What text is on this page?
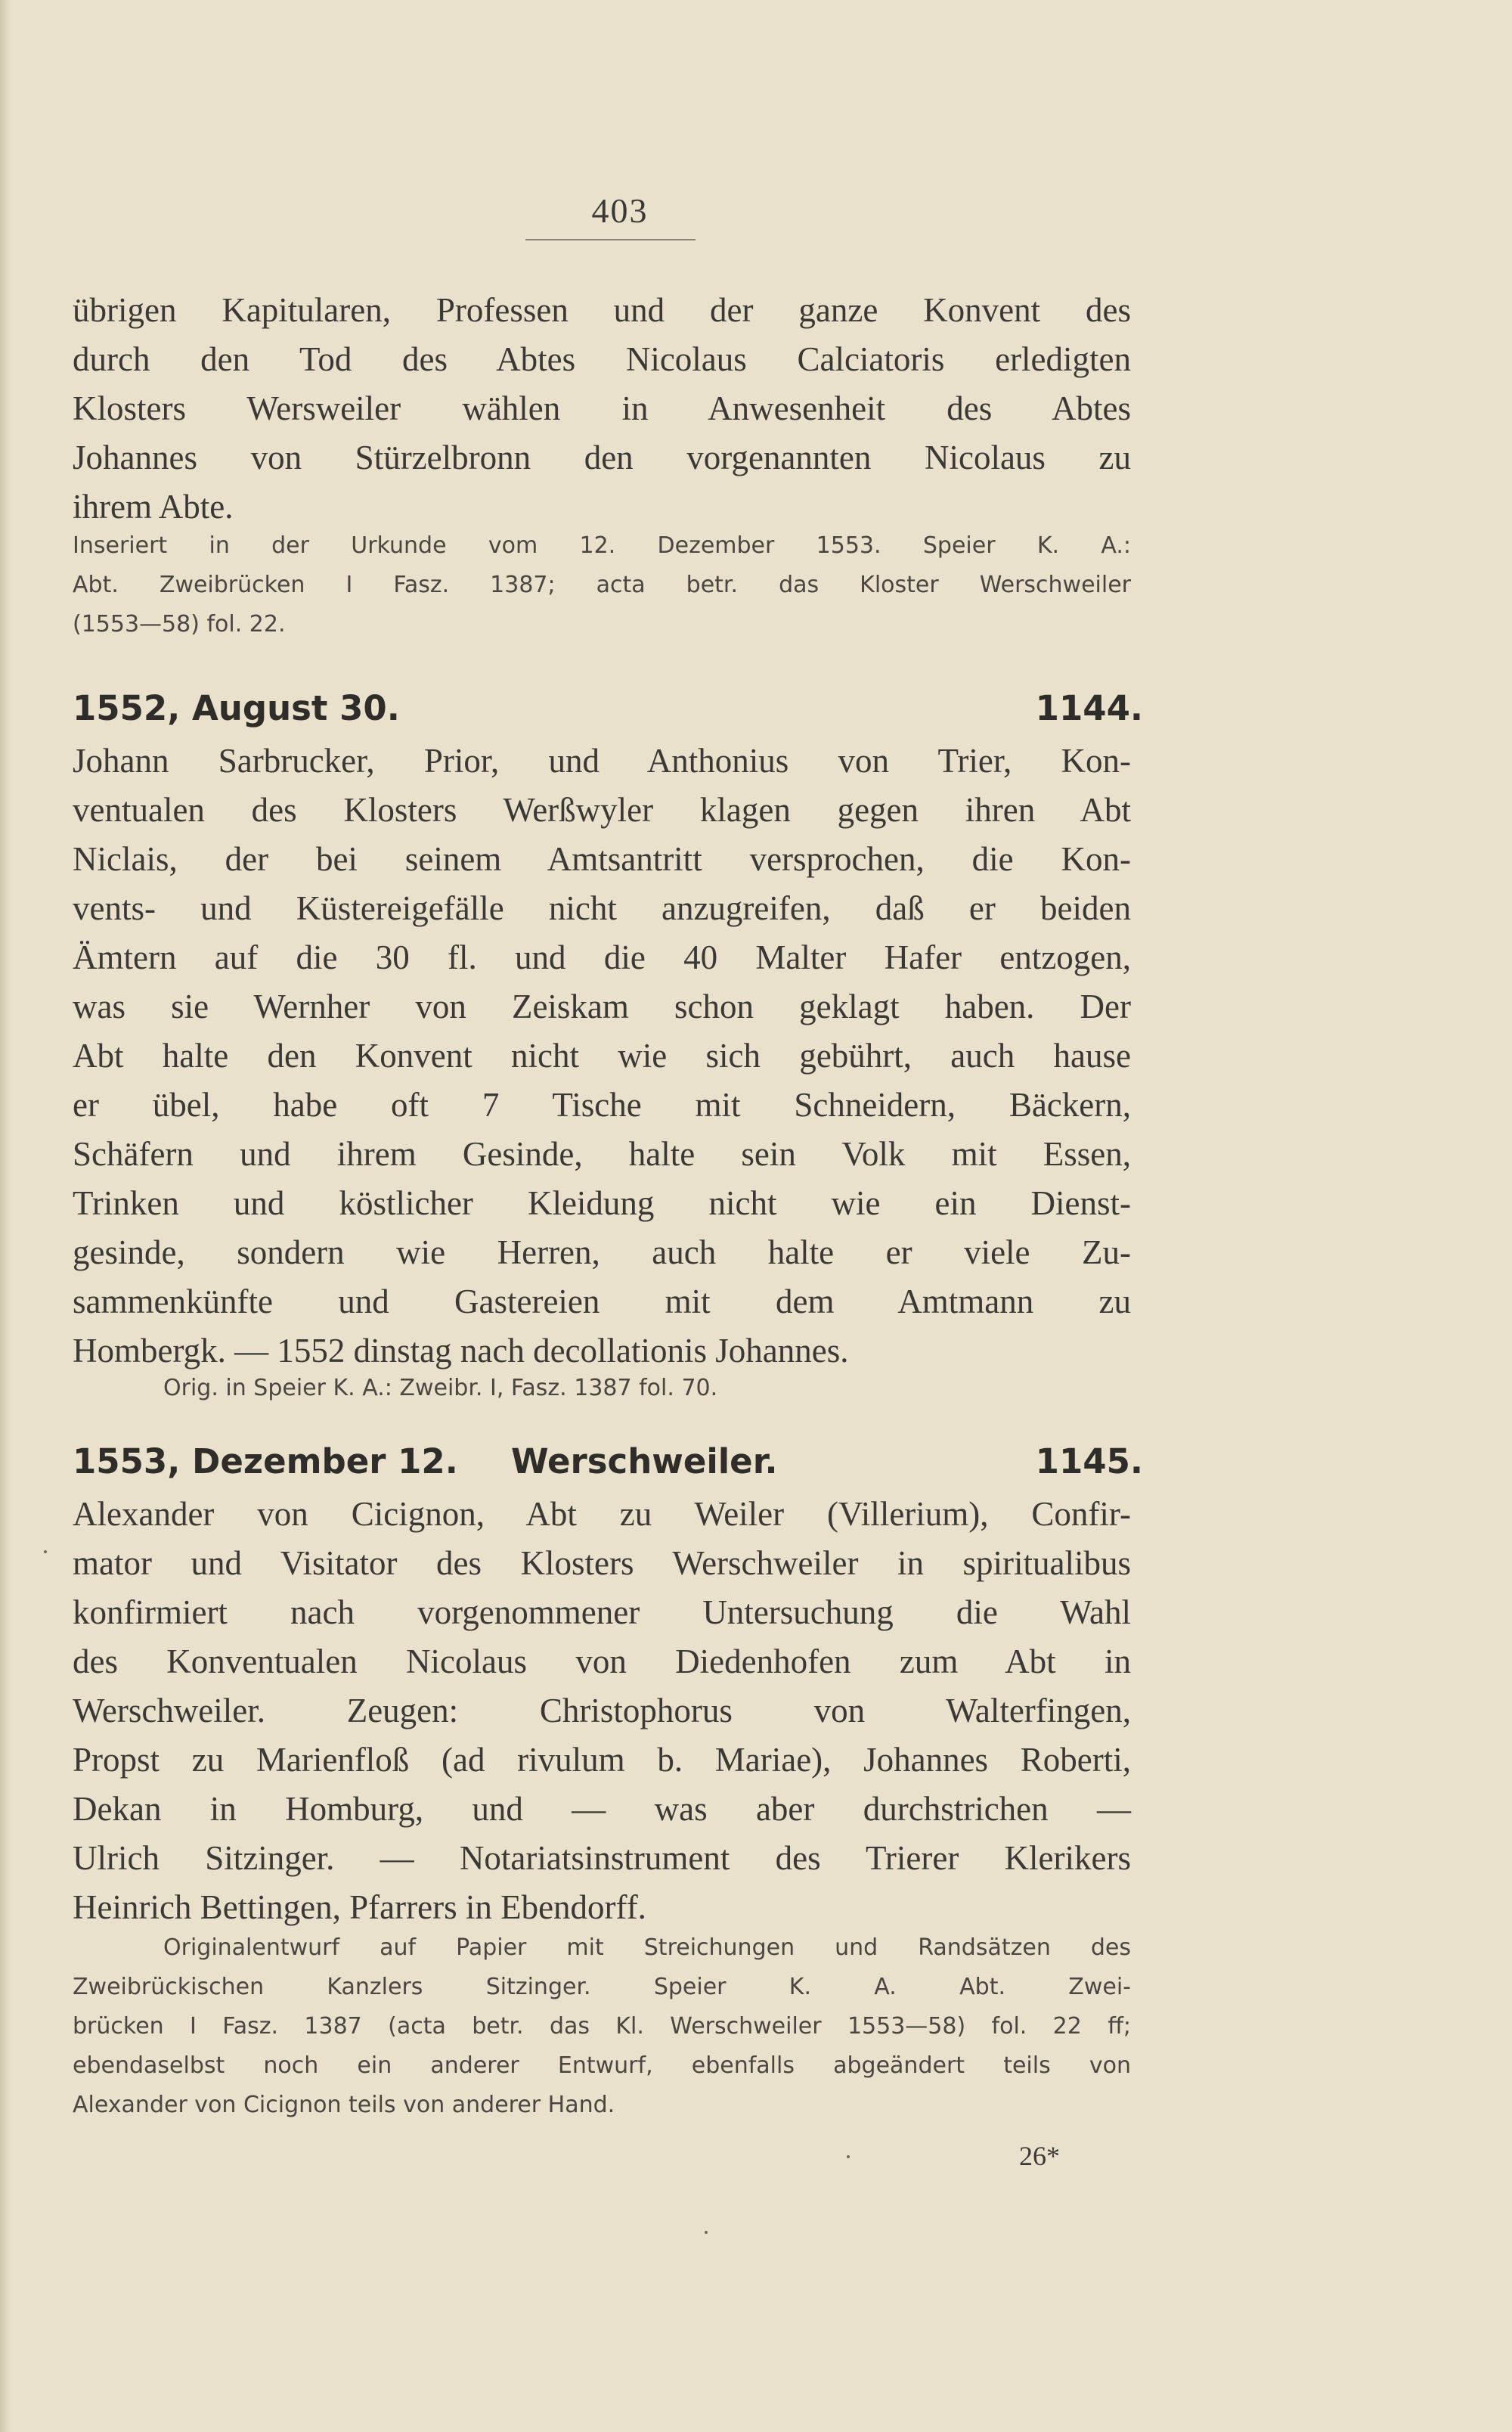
403

übrigen Kapitularen, Professen und der ganze Konvent des
durch den Tod des Abtes Nicolaus Calciatoris erledigten
Klosters Wersweiler wählen in Anwesenheit des Abtes
Johannes von Stürzelbronn den vorgenannten Nicolaus zu
ihrem Abte.

Inseriert in der Urkunde vom 12. Dezember 1553. Speier K. A.:
Abt. Zweibrücken I Fasz. 1387; acta betr. das Kloster Werschweiler
(1553—58) fol. 22.

1552, August 30.	1144.

Johann Sarbrucker, Prior, und Anthonius von Trier, Kon-
ventualen des Klosters Werßwyler klagen gegen ihren Abt
Niclais, der bei seinem Amtsantritt versprochen, die Kon-
vents- und Küstereigefälle nicht anzugreifen, daß er beiden
Ämtern auf die 30 fl. und die 40 Malter Hafer entzogen,
was sie Wernher von Zeiskam schon geklagt haben. Der
Abt halte den Konvent nicht wie sich gebührt, auch hause
er übel, habe oft 7 Tische mit Schneidern, Bäckern,
Schäfern und ihrem Gesinde, halte sein Volk mit Essen,
Trinken und köstlicher Kleidung nicht wie ein Dienst-
gesinde, sondern wie Herren, auch halte er viele Zu-
sammenkünfte und Gastereien mit dem Amtmann zu
Hombergk. — 1552 dinstag nach decollationis Johannes.

Orig. in Speier K. A.: Zweibr. I, Fasz. 1387 fol. 70.

1553, Dezember 12. Werschweiler.	1145.

Alexander von Cicignon, Abt zu Weiler (Villerium), Confir-
mator und Visitator des Klosters Werschweiler in spiritualibus
konfirmiert nach vorgenommener Untersuchung die Wahl
des Konventualen Nicolaus von Diedenhofen zum Abt in
Werschweiler. Zeugen: Christophorus von Walterfingen,
Propst zu Marienfloß (ad rivulum b. Mariae), Johannes Roberti,
Dekan in Homburg, und — was aber durchstrichen —
Ulrich Sitzinger. — Notariatsinstrument des Trierer Klerikers
Heinrich Bettingen, Pfarrers in Ebendorff.

Originalentwurf auf Papier mit Streichungen und Randsätzen des
Zweibrückischen Kanzlers Sitzinger. Speier K. A. Abt. Zwei-
brücken I Fasz. 1387 (acta betr. das Kl. Werschweiler 1553—58) fol. 22 ff;
ebendaselbst noch ein anderer Entwurf, ebenfalls abgeändert teils von
Alexander von Cicignon teils von anderer Hand.

26*
